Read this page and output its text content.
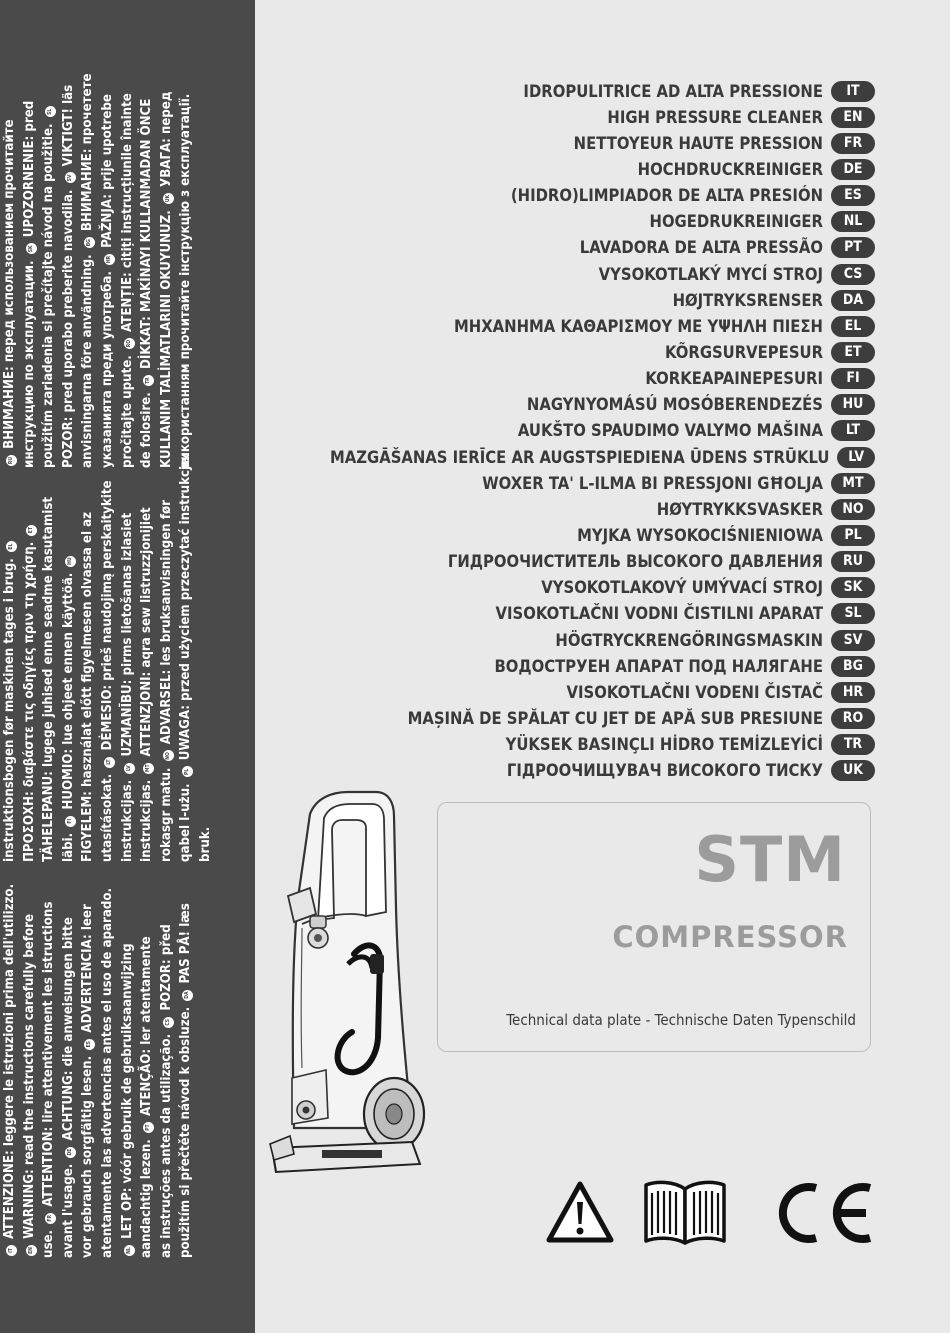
IT ATTENZIONE: leggere le istruzioni prima dell'utilizzo.
EN WARNING: read the instructions carefully before use. FR ATTENTION: lire attentivement les istructions avant l'usage. DE ACHTUNG: die anweisungen bitte
vor gebrauch sorgfältig lesen. ES ADVERTENCIA: leer atentamente las advertencias antes el uso de aparado.	NL LET OP: vóór gebruik de gebruiksaanwijzing aandachtig lezen. PT ATENÇÃO: ler atentamente
as instruções antes da utilização. CS POZOR: před
použitím si přečtěte návod k obsluze. DA PAS PÅ! læs
instruktionsbogen før maskinen tages i brug. EL ΠΡΟΣΟΧΗ: διαβάστε τις οδηγίες πριν τη χρήση. ET TÄHELEPANU: lugege juhised enne seadme kasutamist läbi. FI HUOMIO: lue ohjeet ennen käyttöä. HU FIGYELEM: használat előtt figyelmesen olvassa el az utasításokat. LT DĖMESIO: prieš naudojimą perskaitykite
instrukcijas. LV UZMANĪBU: pirms lietošanas izlasiet
instrukcijas. MT ATTENZJONI: aqra sew listruzzjonijiet
rokasgr matu. NO ADVARSEL: les bruksanvisningen før
qabel l-użu. PL UWAGA: przed użyciem przeczytać instrukcje.
bruk.
RU ВНИМАНИЕ: перед использованием прочитайте инструкцию по эксплуатации. SK UPOZORNENIE: pred použitím zariadenia si prečítajte návod na použitie. SL
POZOR: pred uporabo preberite navodila. SV VIKTIGT! läs
anvisningarna före användning. BG ВНИМАНИЕ: прочетете
указанията преди употреба. HR PAŽNJA: prije upotrebe
pročitajte upute. RO ATENȚIE: citiți instrucțiunile înainte
de folosire. TR DİKKAT: MAKİNAYI KULLANMADAN ÖNCE KULLANIM TALİMATLARINI OKUYUNUZ. UK УВАГА: перед використанням прочитайте інструкцію з експлуатації.
IDROPULITRICE AD ALTA PRESSIONE	IT
HIGH PRESSURE CLEANER	EN
NETTOYEUR HAUTE PRESSION	FR
HOCHDRUCKREINIGER	DE
(HIDRO)LIMPIADOR DE ALTA PRESIÓN	ES
HOGEDRUKREINIGER	NL
LAVADORA DE ALTA PRESSÃO	PT
VYSOKOTLAKÝ MYCÍ STROJ	CS
HØJTRYKSRENSER	DA
ΜΗΧΑΝΗΜΑ ΚΑΘΑΡΙΣΜΟΥ ΜΕ ΥΨΗΛΗ ΠΙΕΣΗ	EL
KÕRGSURVEPESUR	ET
KORKEAPAINEPESURI	FI
NAGYNYOMÁSÚ MOSÓBERENDEZÉS	HU
AUKŠTO SPAUDIMO VALYMO MAŠINA	LT
MAZGĀŠANAS IERĪCE AR AUGSTSPIEDIENA ŪDENS STRŪKLU	LV
WOXER TA' L-ILMA BI PRESSJONI GĦOLJA	MT
HØYTRYKKSVASKER	NO
MYJKA WYSOKOCIŚNIENIOWA	PL
ГИДРООЧИСТИТЕЛЬ ВЫСОКОГО ДАВЛЕНИЯ	RU
VYSOKOTLAKOVÝ UMÝVACÍ STROJ	SK
VISOKOTLAČNI VODNI ČISTILNI APARAT	SL
HÖGTRYCKRENGÖRINGSMASKIN	SV
ВОДОСТРУЕН АПАРАТ ПОД НАЛЯГАНЕ	BG
VISOKOTLAČNI VODENI ČISTAČ	HR
MAȘINĂ DE SPĂLAT CU JET DE APĂ SUB PRESIUNE	RO
YÜKSEK BASINÇLI HİDRO TEMİZLEYİCİ	TR
ГІДРООЧИЩУВАЧ ВИСОКОГО ТИСКУ	UK
STM
COMPRESSOR
Technical data plate - Technische Daten Typenschild
